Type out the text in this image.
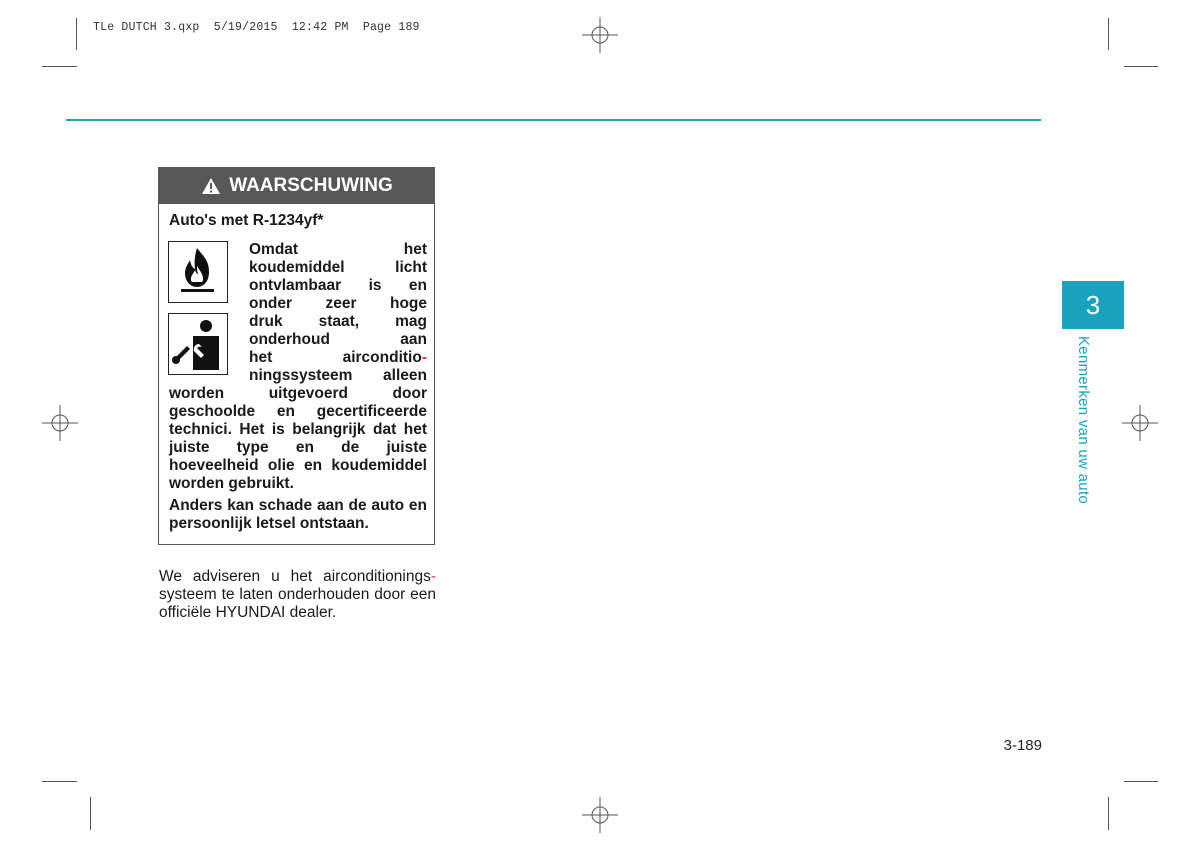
TLe DUTCH 3.qxp  5/19/2015  12:42 PM  Page 189
WAARSCHUWING
Auto's met R-1234yf*
Omdat het
koudemiddel licht
ontvlambaar is en
onder zeer hoge
druk staat, mag
onderhoud aan
het airconditio-
ningssysteem alleen
worden uitgevoerd door geschoolde en gecertificeerde technici. Het is belangrijk dat het juiste type en de juiste hoeveelheid olie en koudemiddel worden gebruikt.
Anders kan schade aan de auto en persoonlijk letsel ontstaan.
We adviseren u het airconditionings-
systeem te laten onderhouden door een officiële HYUNDAI dealer.
3
Kenmerken van uw auto
3-189
